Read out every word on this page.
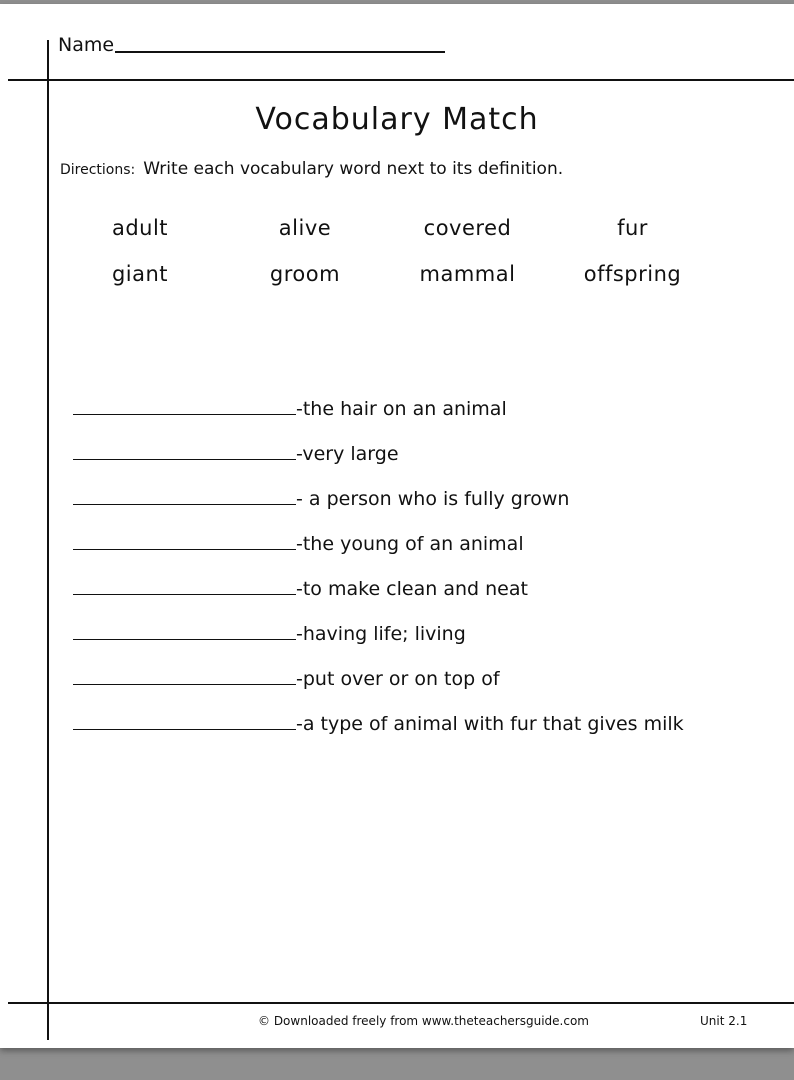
Name
Vocabulary Match
Directions: Write each vocabulary word next to its definition.
adult	alive	covered	fur
giant	groom	mammal	offspring
-the hair on an animal
-very large
- a person who is fully grown
-the young of an animal
-to make clean and neat
-having life; living
-put over or on top of
-a type of animal with fur that gives milk
© Downloaded freely from www.theteachersguide.com	Unit 2.1
